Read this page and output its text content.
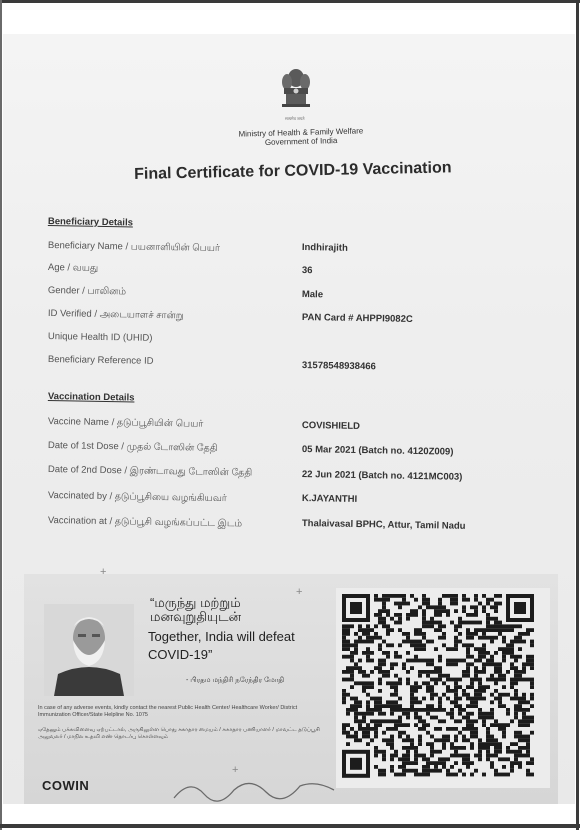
सत्यमेव जयते
Ministry of Health & Family Welfare
Government of India
Final Certificate for COVID-19 Vaccination
Beneficiary Details
Beneficiary Name / பயனாளியின் பெயர்	Indhirajith
Age / வயது	36
Gender / பாலினம்	Male
ID Verified / அடையாளச் சான்று	PAN Card # AHPPI9082C
Unique Health ID (UHID)
Beneficiary Reference ID	31578548938466
Vaccination Details
Vaccine Name / தடுப்பூசியின் பெயர்	COVISHIELD
Date of 1st Dose / முதல் டோஸின் தேதி	05 Mar 2021 (Batch no. 4120Z009)
Date of 2nd Dose / இரண்டாவது டோஸின் தேதி	22 Jun 2021 (Batch no. 4121MC003)
Vaccinated by / தடுப்பூசியை வழங்கியவர்	K.JAYANTHI
Vaccination at / தடுப்பூசி வழங்கப்பட்ட இடம்	Thalaivasal BPHC, Attur, Tamil Nadu
+
+
+
“மருந்து மற்றும்
மனவுறுதியுடன்
Together, India will defeat COVID-19”
- பிரதம மந்திரி நரேந்திர மோதி
In case of any adverse events, kindly contact the nearest Public Health Center/ Healthcare Worker/ District Immunization Officer/State Helpline No. 1075
ஏதேனும் பக்கவிளைவு ஏற்பட்டால், அருகிலுள்ள பொது சுகாதார மையம் / சுகாதார பணியாளர் / மாவட்ட தடுப்பூசி அலுவலர் / மாநில உதவி எண் தொடர்பு கொள்ளவும்
COWIN
